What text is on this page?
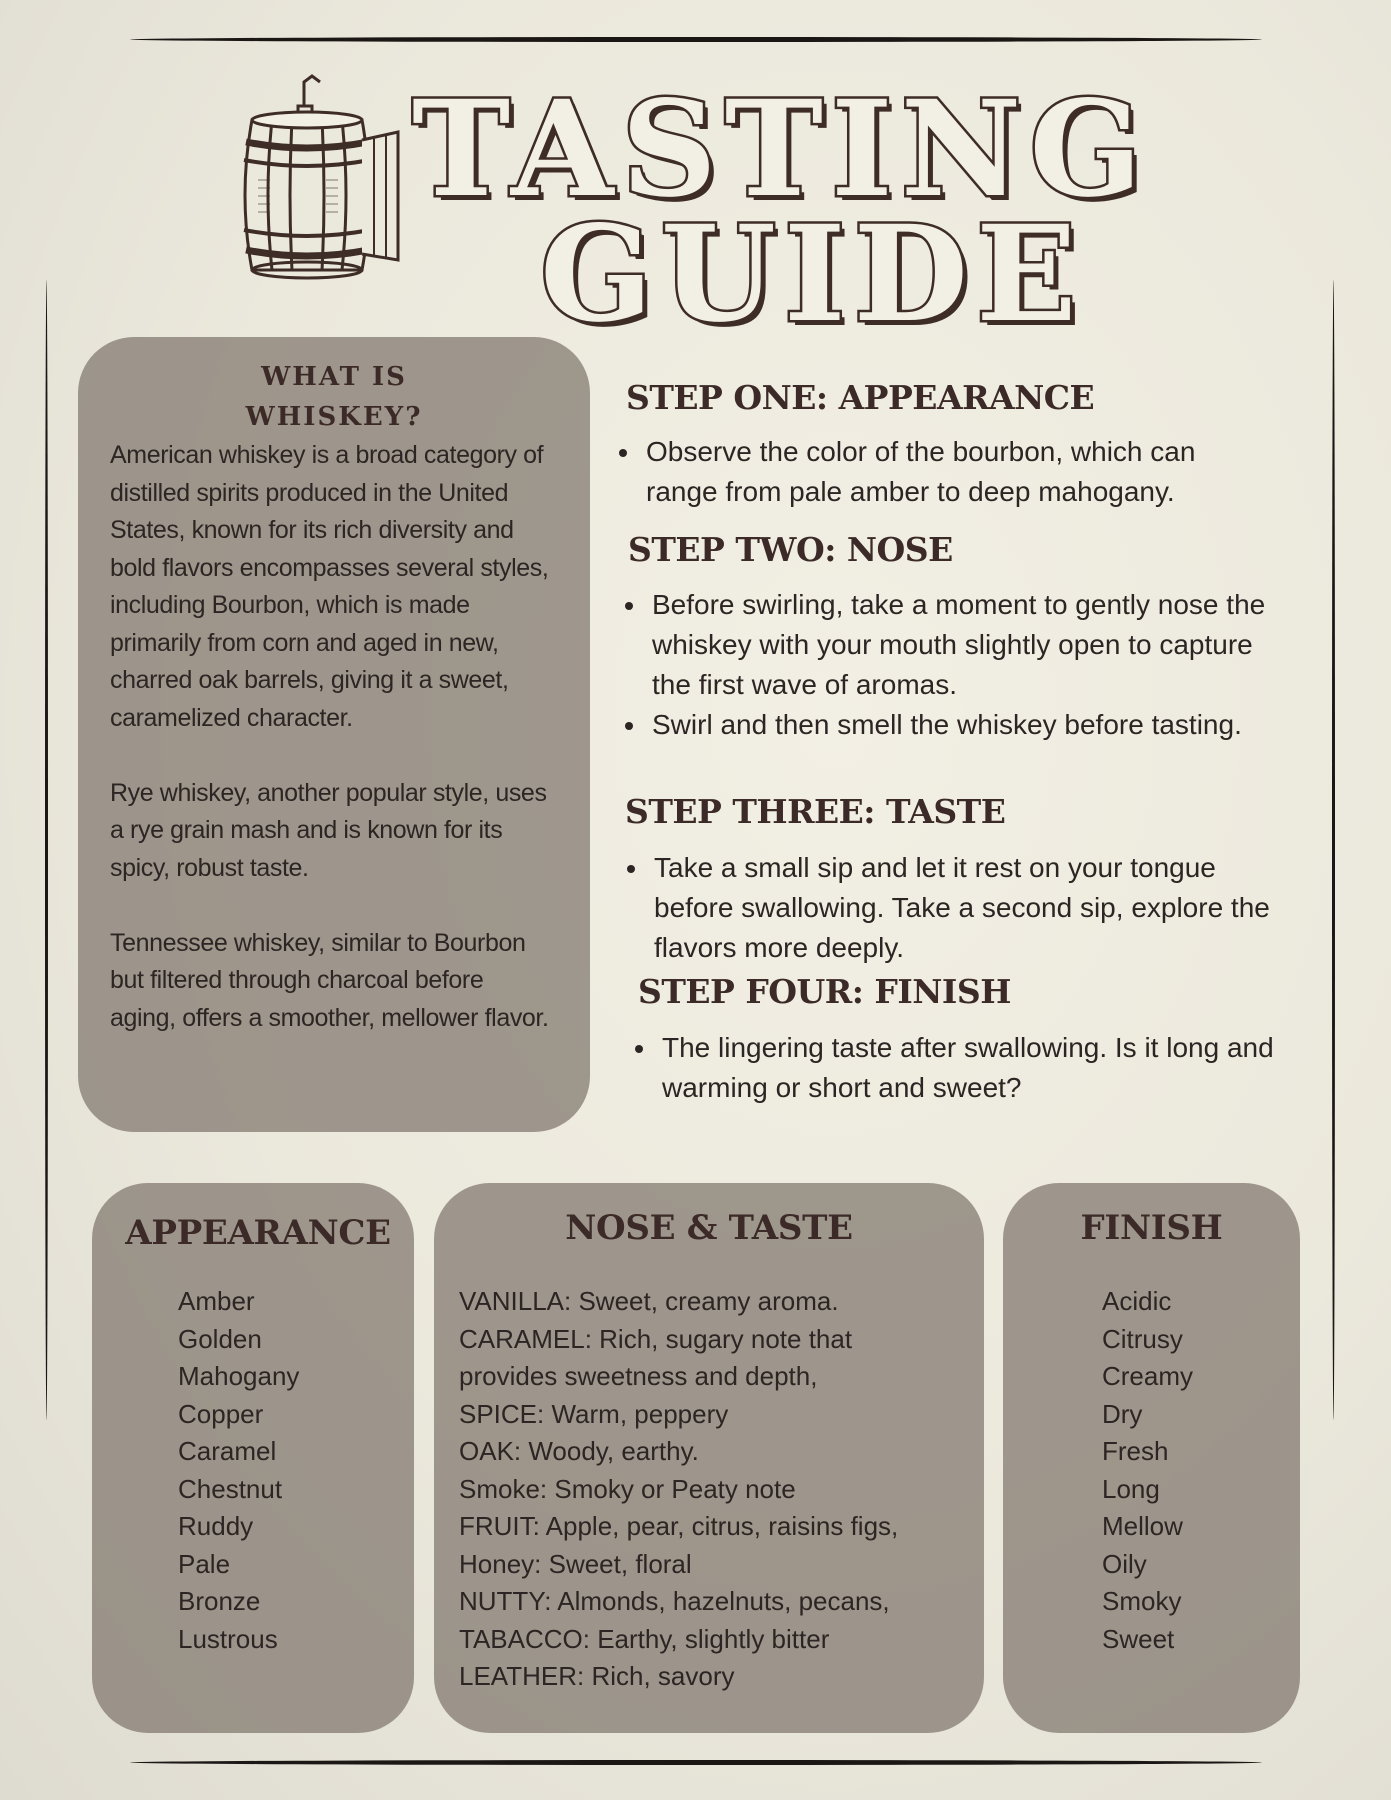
TASTING
GUIDE
WHAT IS
WHISKEY?

American whiskey is a broad category of distilled spirits produced in the United States, known for its rich diversity and bold flavors encompasses several styles, including Bourbon, which is made primarily from corn and aged in new, charred oak barrels, giving it a sweet, caramelized character.

Rye whiskey, another popular style, uses a rye grain mash and is known for its spicy, robust taste.

Tennessee whiskey, similar to Bourbon but filtered through charcoal before aging, offers a smoother, mellower flavor.

STEP ONE: APPEARANCE
• Observe the color of the bourbon, which can range from pale amber to deep mahogany.
STEP TWO: NOSE
• Before swirling, take a moment to gently nose the whiskey with your mouth slightly open to capture the first wave of aromas.
• Swirl and then smell the whiskey before tasting.
STEP THREE: TASTE
• Take a small sip and let it rest on your tongue before swallowing. Take a second sip, explore the flavors more deeply.
STEP FOUR: FINISH
• The lingering taste after swallowing. Is it long and warming or short and sweet?
APPEARANCE
Amber
Golden
Mahogany
Copper
Caramel
Chestnut
Ruddy
Pale
Bronze
Lustrous
NOSE & TASTE
VANILLA: Sweet, creamy aroma.
CARAMEL: Rich, sugary note that
provides sweetness and depth,
SPICE: Warm, peppery
OAK: Woody, earthy.
Smoke: Smoky or Peaty note
FRUIT: Apple, pear, citrus, raisins figs,
Honey: Sweet, floral
NUTTY: Almonds, hazelnuts, pecans,
TABACCO: Earthy, slightly bitter
LEATHER: Rich, savory
FINISH
Acidic
Citrusy
Creamy
Dry
Fresh
Long
Mellow
Oily
Smoky
Sweet
